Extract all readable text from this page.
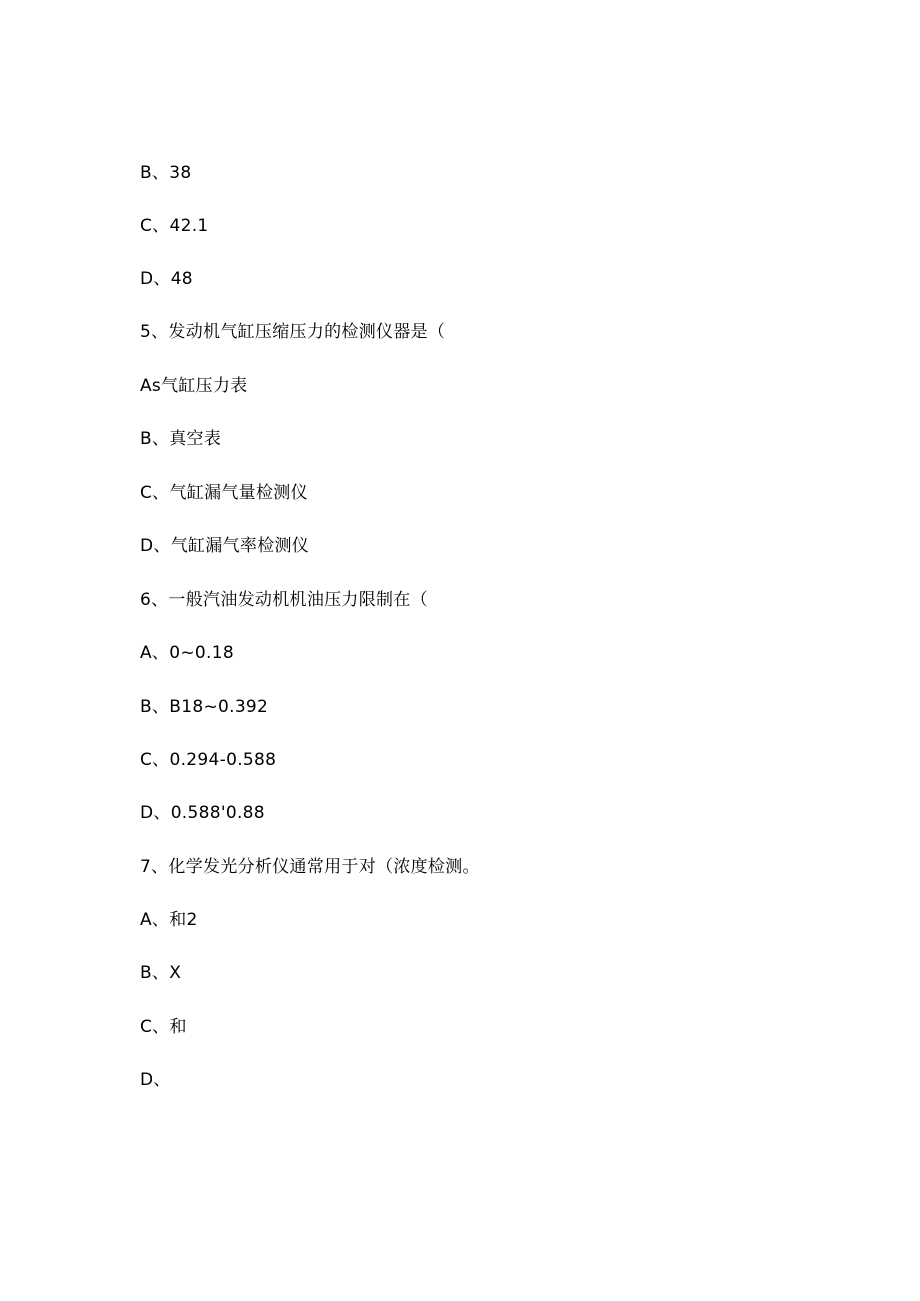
B、38
C、42.1
D、48
5、发动机气缸压缩压力的检测仪器是（
As气缸压力表
B、真空表
C、气缸漏气量检测仪
D、气缸漏气率检测仪
6、一般汽油发动机机油压力限制在（
A、0~0.18
B、B18~0.392
C、0.294-0.588
D、0.588'0.88
7、化学发光分析仪通常用于对（浓度检测。
A、和2
B、X
C、和
D、
